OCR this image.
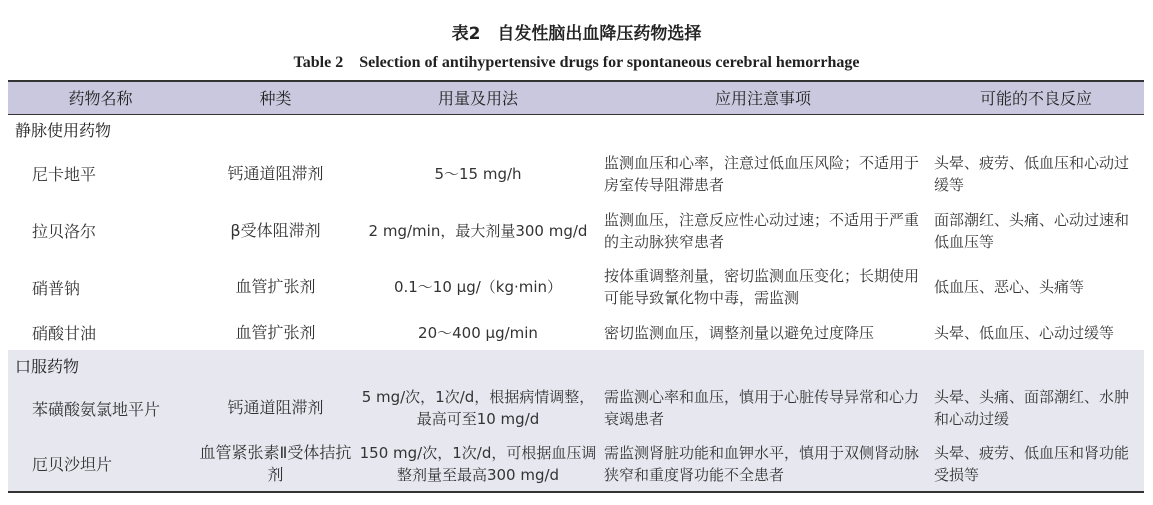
表2　自发性脑出血降压药物选择
Table 2　Selection of antihypertensive drugs for spontaneous cerebral hemorrhage
药物名称	种类	用量及用法	应用注意事项	可能的不良反应
静脉使用药物				
尼卡地平	钙通道阻滞剂	5～15 mg/h	监测血压和心率，注意过低血压风险；不适用于房室传导阻滞患者	头晕、疲劳、低血压和心动过缓等
拉贝洛尔	β受体阻滞剂	2 mg/min，最大剂量300 mg/d	监测血压，注意反应性心动过速；不适用于严重的主动脉狭窄患者	面部潮红、头痛、心动过速和低血压等
硝普钠	血管扩张剂	0.1～10 μg/（kg·min）	按体重调整剂量，密切监测血压变化；长期使用可能导致氰化物中毒，需监测	低血压、恶心、头痛等
硝酸甘油	血管扩张剂	20～400 μg/min	密切监测血压，调整剂量以避免过度降压	头晕、低血压、心动过缓等
口服药物				
苯磺酸氨氯地平片	钙通道阻滞剂	5 mg/次，1次/d，根据病情调整，最高可至10 mg/d	需监测心率和血压，慎用于心脏传导异常和心力衰竭患者	头晕、头痛、面部潮红、水肿和心动过缓
厄贝沙坦片	血管紧张素Ⅱ受体拮抗剂	150 mg/次，1次/d，可根据血压调整剂量至最高300 mg/d	需监测肾脏功能和血钾水平，慎用于双侧肾动脉狭窄和重度肾功能不全患者	头晕、疲劳、低血压和肾功能受损等
